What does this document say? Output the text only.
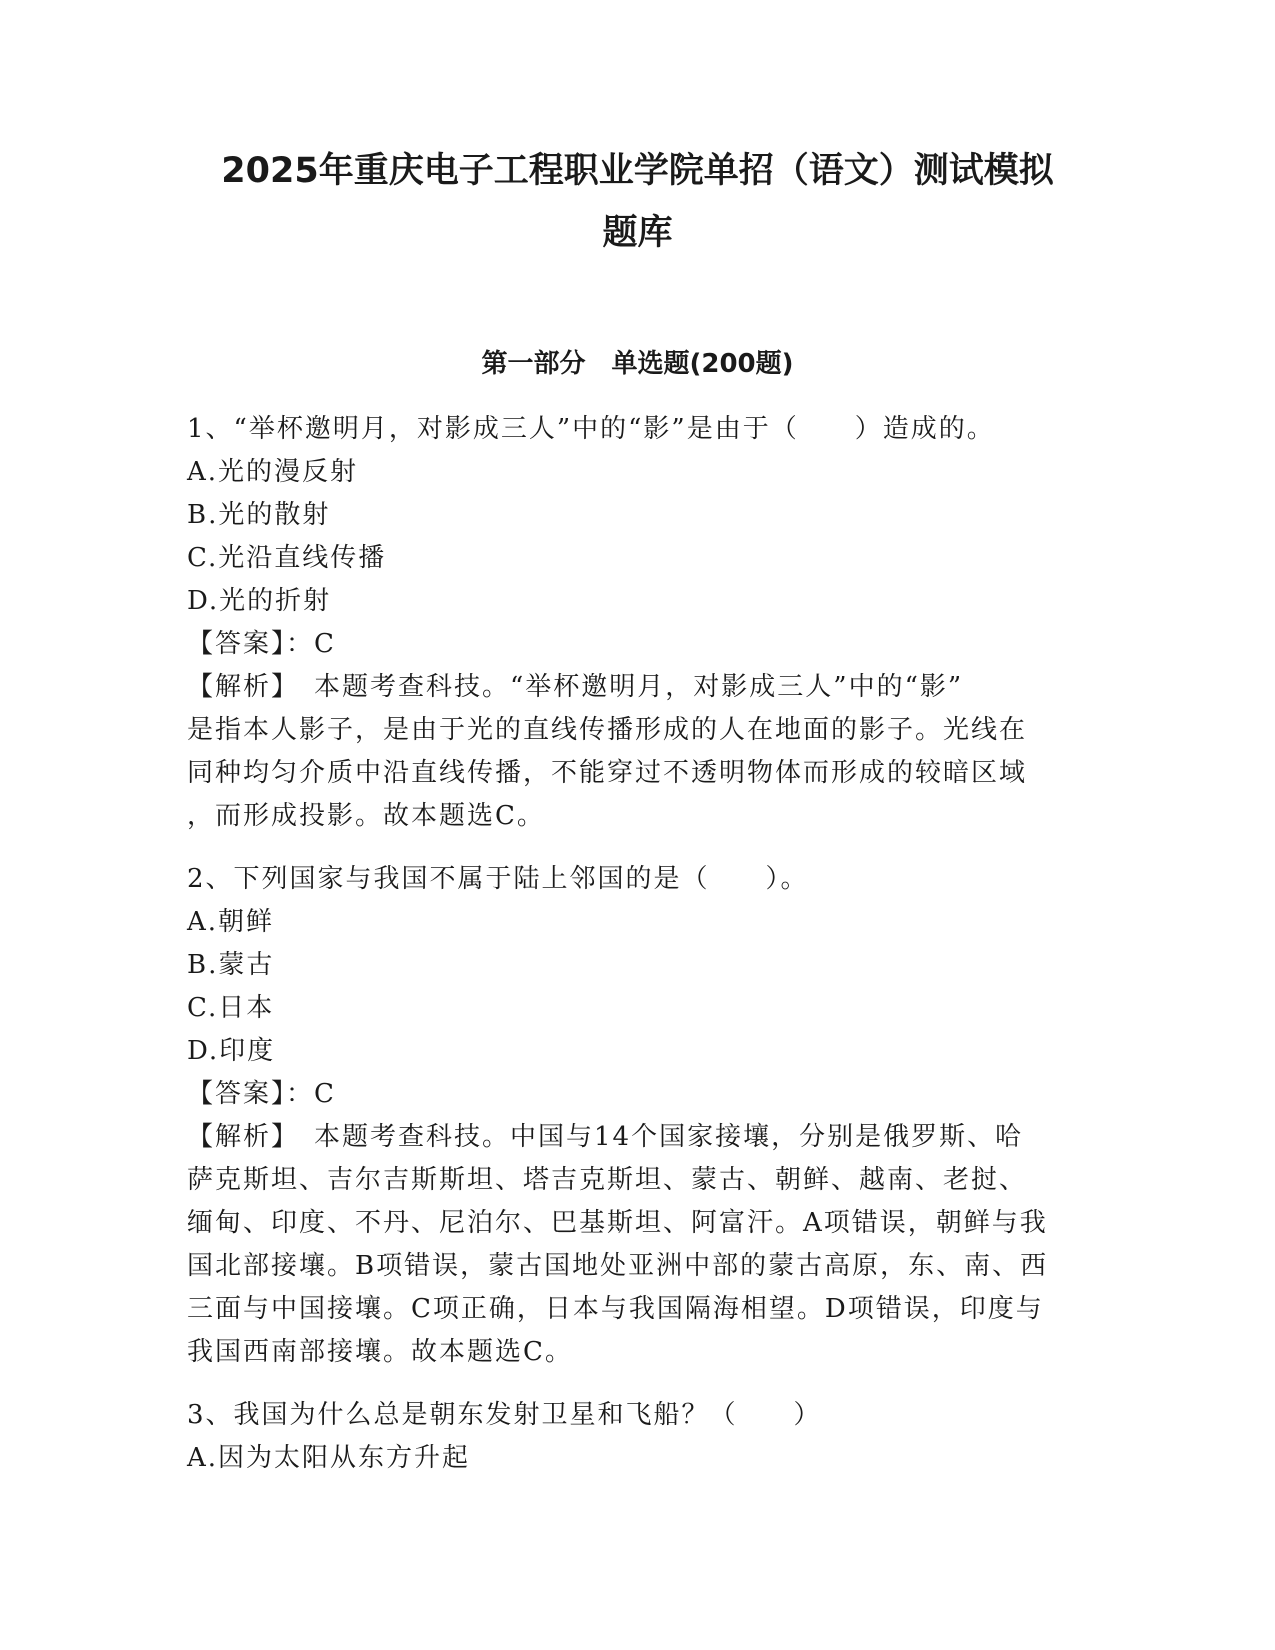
2025年重庆电子工程职业学院单招（语文）测试模拟
题库
第一部分　单选题(200题)
1、“举杯邀明月，对影成三人”中的“影”是由于（　　）造成的。
A.光的漫反射
B.光的散射
C.光沿直线传播
D.光的折射
【答案】：C
【解析】　本题考查科技。“举杯邀明月，对影成三人”中的“影”
是指本人影子，是由于光的直线传播形成的人在地面的影子。光线在
同种均匀介质中沿直线传播，不能穿过不透明物体而形成的较暗区域
，而形成投影。故本题选C。
2、下列国家与我国不属于陆上邻国的是（　　）。
A.朝鲜
B.蒙古
C.日本
D.印度
【答案】：C
【解析】　本题考查科技。中国与14个国家接壤，分别是俄罗斯、哈
萨克斯坦、吉尔吉斯斯坦、塔吉克斯坦、蒙古、朝鲜、越南、老挝、
缅甸、印度、不丹、尼泊尔、巴基斯坦、阿富汗。A项错误，朝鲜与我
国北部接壤。B项错误，蒙古国地处亚洲中部的蒙古高原，东、南、西
三面与中国接壤。C项正确，日本与我国隔海相望。D项错误，印度与
我国西南部接壤。故本题选C。
3、我国为什么总是朝东发射卫星和飞船？（　　）
A.因为太阳从东方升起
